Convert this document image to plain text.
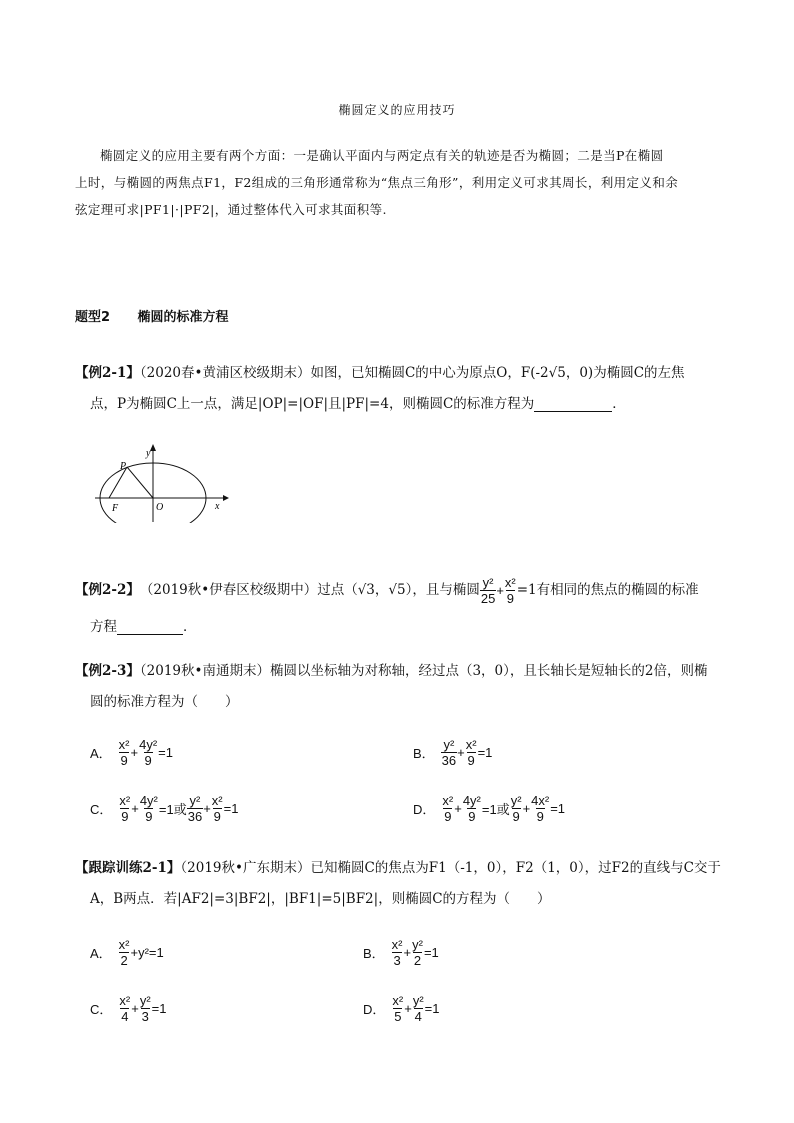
椭圆定义的应用技巧

椭圆定义的应用主要有两个方面：一是确认平面内与两定点有关的轨迹是否为椭圆；二是当P在椭圆

上时，与椭圆的两焦点F1，F2组成的三角形通常称为“焦点三角形”，利用定义可求其周长，利用定义和余

弦定理可求|PF1|·|PF2|，通过整体代入可求其面积等.

题型2 椭圆的标准方程
【例2-1】（2020春•黄浦区校级期末）如图，已知椭圆C的中心为原点O，F(-2√5，0)为椭圆C的左焦
点，P为椭圆C上一点，满足|OP|=|OF|且|PF|=4，则椭圆C的标准方程为	．
y
x
P
F	O
【例2-2】 （2019秋•伊春区校级期中）过点（√3，√5），且与椭圆 $\frac{\text{y²}}{25} + \frac{\text{x²}}{9} =1$有相同的焦点的椭圆的标准
方程	．
【例2-3】（2019秋•南通期末）椭圆以坐标轴为对称轴，经过点（3，0），且长轴长是短轴长的2倍，则椭
圆的标准方程为（　　）
A． $\frac{\text{x²}}{9} + \frac{\text{4y²}}{9} =1$	B． $\frac{\text{y²}}{36} + \frac{\text{x²}}{9} =1$
C． $\frac{\text{x²}}{9} + \frac{\text{4y²}}{9} =1$或 $\frac{\text{y²}}{36} + \frac{\text{x²}}{9} =1$	D． $\frac{\text{x²}}{9} + \frac{\text{4y²}}{9} =1$或 $\frac{\text{y²}}{9} + \frac{\text{4x²}}{9} =1$
【跟踪训练2-1】（2019秋•广东期末）已知椭圆C的焦点为F1（-1，0），F2（1，0），过F2的直线与C交于
A，B两点．若|AF2|=3|BF2|，|BF1|=5|BF2|，则椭圆C的方程为（　　）
A． $\frac{\text{x²}}{2} +y^2=1$	B． $\frac{\text{x²}}{3} + \frac{\text{y²}}{2} =1$
C． $\frac{\text{x²}}{4} + \frac{\text{y²}}{3} =1$	D． $\frac{\text{x²}}{5} + \frac{\text{y²}}{4} =1$
